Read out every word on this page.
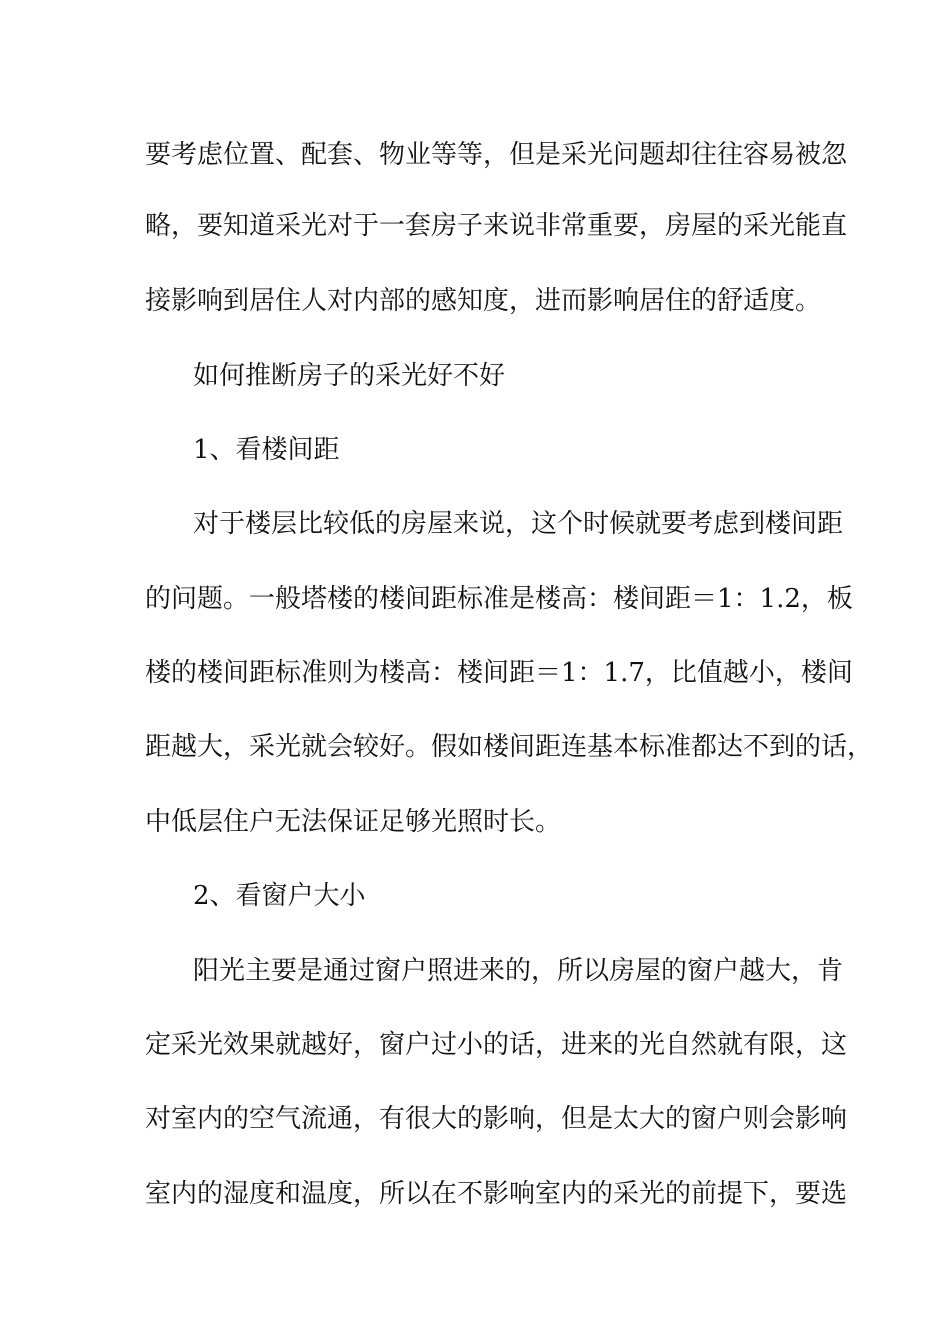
要考虑位置、配套、物业等等，但是采光问题却往往容易被忽
略，要知道采光对于一套房子来说非常重要，房屋的采光能直
接影响到居住人对内部的感知度，进而影响居住的舒适度。
如何推断房子的采光好不好
1、看楼间距
对于楼层比较低的房屋来说，这个时候就要考虑到楼间距
的问题。一般塔楼的楼间距标准是楼高：楼间距＝1：1.2，板
楼的楼间距标准则为楼高：楼间距＝1：1.7，比值越小，楼间
距越大，采光就会较好。假如楼间距连基本标准都达不到的话，
中低层住户无法保证足够光照时长。
2、看窗户大小
阳光主要是通过窗户照进来的，所以房屋的窗户越大，肯
定采光效果就越好，窗户过小的话，进来的光自然就有限，这
对室内的空气流通，有很大的影响，但是太大的窗户则会影响
室内的湿度和温度，所以在不影响室内的采光的前提下，要选
